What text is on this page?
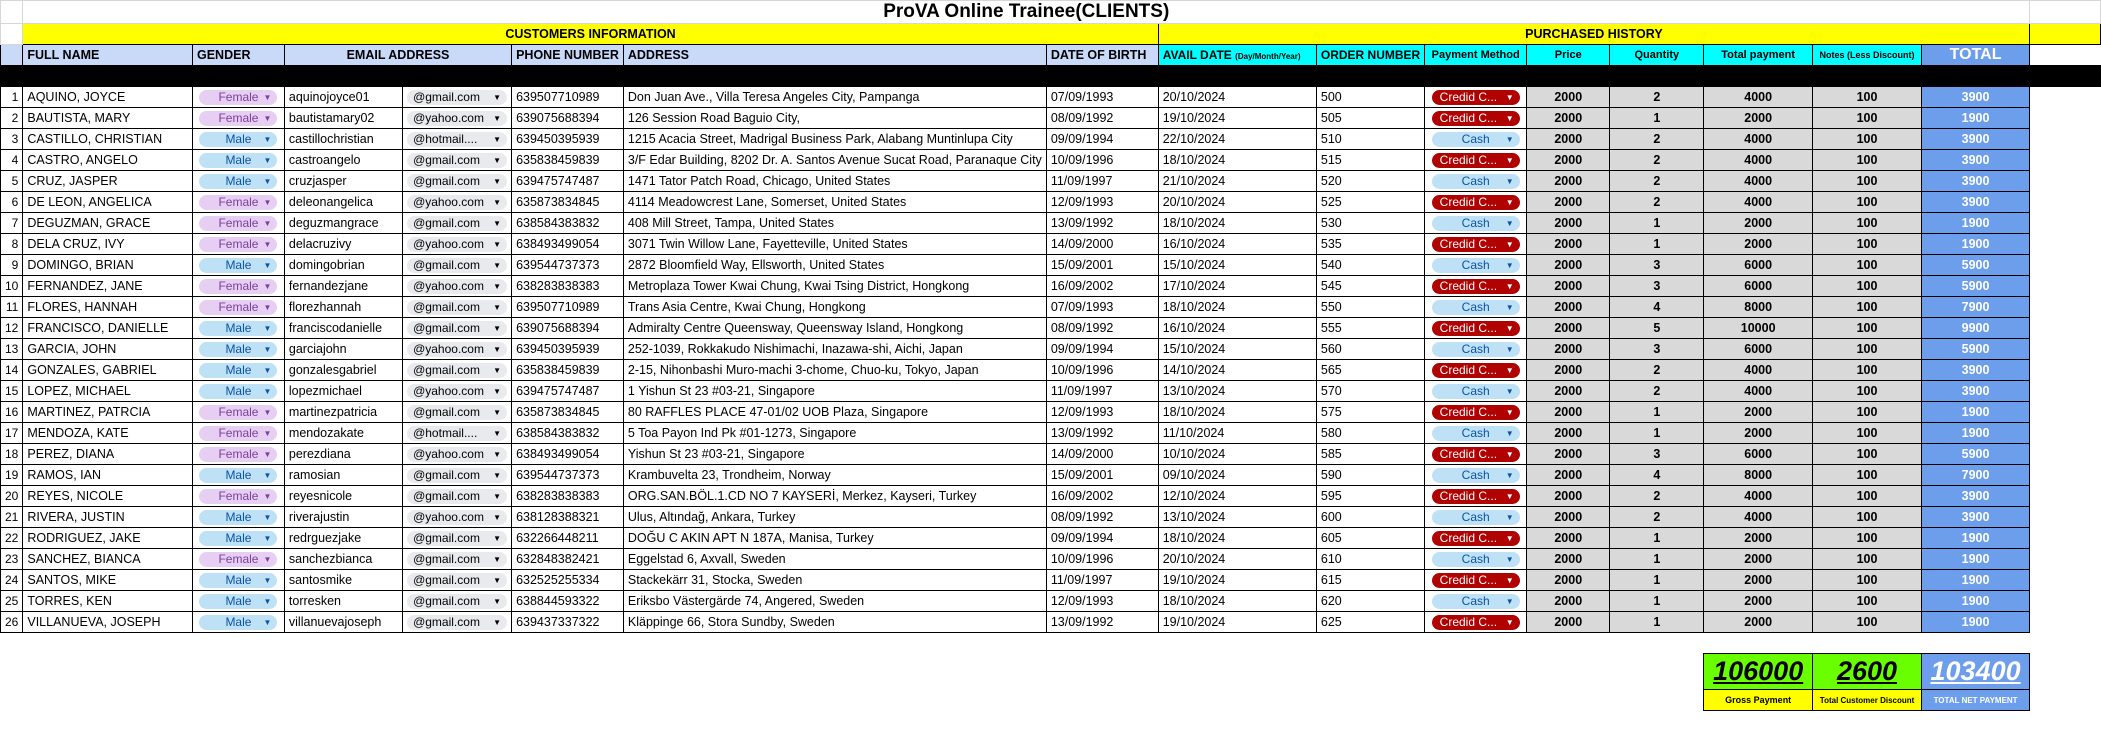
	ProVA Online Trainee(CLIENTS)															
	CUSTOMERS INFORMATION							PURCHASED HISTORY								
	FULL NAME	GENDER	EMAIL ADDRESS		PHONE NUMBER	ADDRESS	DATE OF BIRTH	AVAIL DATE (Day/Month/Year)	ORDER NUMBER	Payment Method	Price	Quantity	Total payment	Notes (Less Discount)	TOTAL	

1	AQUINO, JOYCE	Female ▼	aquinojoyce01	@gmail.com ▼	639507710989	Don Juan Ave., Villa Teresa Angeles City, Pampanga	07/09/1993	20/10/2024	500	Credid C... ▼	2000	2	4000	100	3900	
2	BAUTISTA, MARY	Female ▼	bautistamary02	@yahoo.com ▼	639075688394	126 Session Road Baguio City,	08/09/1992	19/10/2024	505	Credid C... ▼	2000	1	2000	100	1900	
3	CASTILLO, CHRISTIAN	Male ▼	castillochristian	@hotmail.... ▼	639450395939	1215 Acacia Street, Madrigal Business Park, Alabang Muntinlupa City	09/09/1994	22/10/2024	510	Cash ▼	2000	2	4000	100	3900	
4	CASTRO, ANGELO	Male ▼	castroangelo	@gmail.com ▼	635838459839	3/F Edar Building, 8202 Dr. A. Santos Avenue Sucat Road, Paranaque City	10/09/1996	18/10/2024	515	Credid C... ▼	2000	2	4000	100	3900	
5	CRUZ, JASPER	Male ▼	cruzjasper	@gmail.com ▼	639475747487	1471 Tator Patch Road, Chicago, United States	11/09/1997	21/10/2024	520	Cash ▼	2000	2	4000	100	3900	
6	DE LEON, ANGELICA	Female ▼	deleonangelica	@yahoo.com ▼	635873834845	4114 Meadowcrest Lane, Somerset, United States	12/09/1993	20/10/2024	525	Credid C... ▼	2000	2	4000	100	3900	
7	DEGUZMAN, GRACE	Female ▼	deguzmangrace	@gmail.com ▼	638584383832	408 Mill Street, Tampa, United States	13/09/1992	18/10/2024	530	Cash ▼	2000	1	2000	100	1900	
8	DELA CRUZ, IVY	Female ▼	delacruzivy	@yahoo.com ▼	638493499054	3071 Twin Willow Lane, Fayetteville, United States	14/09/2000	16/10/2024	535	Credid C... ▼	2000	1	2000	100	1900	
9	DOMINGO, BRIAN	Male ▼	domingobrian	@gmail.com ▼	639544737373	2872 Bloomfield Way, Ellsworth, United States	15/09/2001	15/10/2024	540	Cash ▼	2000	3	6000	100	5900	
10	FERNANDEZ, JANE	Female ▼	fernandezjane	@yahoo.com ▼	638283838383	Metroplaza Tower Kwai Chung, Kwai Tsing District, Hongkong	16/09/2002	17/10/2024	545	Credid C... ▼	2000	3	6000	100	5900	
11	FLORES, HANNAH	Female ▼	florezhannah	@gmail.com ▼	639507710989	Trans Asia Centre, Kwai Chung, Hongkong	07/09/1993	18/10/2024	550	Cash ▼	2000	4	8000	100	7900	
12	FRANCISCO, DANIELLE	Male ▼	franciscodanielle	@gmail.com ▼	639075688394	Admiralty Centre Queensway, Queensway Island, Hongkong	08/09/1992	16/10/2024	555	Credid C... ▼	2000	5	10000	100	9900	
13	GARCIA, JOHN	Male ▼	garciajohn	@yahoo.com ▼	639450395939	252-1039, Rokkakudo Nishimachi, Inazawa-shi, Aichi, Japan	09/09/1994	15/10/2024	560	Cash ▼	2000	3	6000	100	5900	
14	GONZALES, GABRIEL	Male ▼	gonzalesgabriel	@gmail.com ▼	635838459839	2-15, Nihonbashi Muro-machi 3-chome, Chuo-ku, Tokyo, Japan	10/09/1996	14/10/2024	565	Credid C... ▼	2000	2	4000	100	3900	
15	LOPEZ, MICHAEL	Male ▼	lopezmichael	@yahoo.com ▼	639475747487	1 Yishun St 23 #03-21, Singapore	11/09/1997	13/10/2024	570	Cash ▼	2000	2	4000	100	3900	
16	MARTINEZ, PATRCIA	Female ▼	martinezpatricia	@gmail.com ▼	635873834845	80 RAFFLES PLACE 47-01/02 UOB Plaza, Singapore	12/09/1993	18/10/2024	575	Credid C... ▼	2000	1	2000	100	1900	
17	MENDOZA, KATE	Female ▼	mendozakate	@hotmail.... ▼	638584383832	5 Toa Payon Ind Pk #01-1273, Singapore	13/09/1992	11/10/2024	580	Cash ▼	2000	1	2000	100	1900	
18	PEREZ, DIANA	Female ▼	perezdiana	@yahoo.com ▼	638493499054	Yishun St 23 #03-21, Singapore	14/09/2000	10/10/2024	585	Credid C... ▼	2000	3	6000	100	5900	
19	RAMOS, IAN	Male ▼	ramosian	@gmail.com ▼	639544737373	Krambuvelta 23, Trondheim, Norway	15/09/2001	09/10/2024	590	Cash ▼	2000	4	8000	100	7900	
20	REYES, NICOLE	Female ▼	reyesnicole	@gmail.com ▼	638283838383	ORG.SAN.BÖL.1.CD NO 7 KAYSERİ, Merkez, Kayseri, Turkey	16/09/2002	12/10/2024	595	Credid C... ▼	2000	2	4000	100	3900	
21	RIVERA, JUSTIN	Male ▼	riverajustin	@yahoo.com ▼	638128388321	Ulus, Altındağ, Ankara, Turkey	08/09/1992	13/10/2024	600	Cash ▼	2000	2	4000	100	3900	
22	RODRIGUEZ, JAKE	Male ▼	redrguezjake	@gmail.com ▼	632266448211	DOĞU C AKIN APT N 187A, Manisa, Turkey	09/09/1994	18/10/2024	605	Credid C... ▼	2000	1	2000	100	1900	
23	SANCHEZ, BIANCA	Female ▼	sanchezbianca	@gmail.com ▼	632848382421	Eggelstad 6, Axvall, Sweden	10/09/1996	20/10/2024	610	Cash ▼	2000	1	2000	100	1900	
24	SANTOS, MIKE	Male ▼	santosmike	@gmail.com ▼	632525255334	Stackekärr 31, Stocka, Sweden	11/09/1997	19/10/2024	615	Credid C... ▼	2000	1	2000	100	1900	
25	TORRES, KEN	Male ▼	torresken	@gmail.com ▼	638844593322	Eriksbo Västergärde 74, Angered, Sweden	12/09/1993	18/10/2024	620	Cash ▼	2000	1	2000	100	1900	
26	VILLANUEVA, JOSEPH	Male ▼	villanuevajoseph	@gmail.com ▼	639437337322	Kläppinge 66, Stora Sundby, Sweden	13/09/1992	19/10/2024	625	Credid C... ▼	2000	1	2000	100	1900	

													106000	2600	103400	
													Gross Payment	Total Customer Discount	TOTAL NET PAYMENT	
